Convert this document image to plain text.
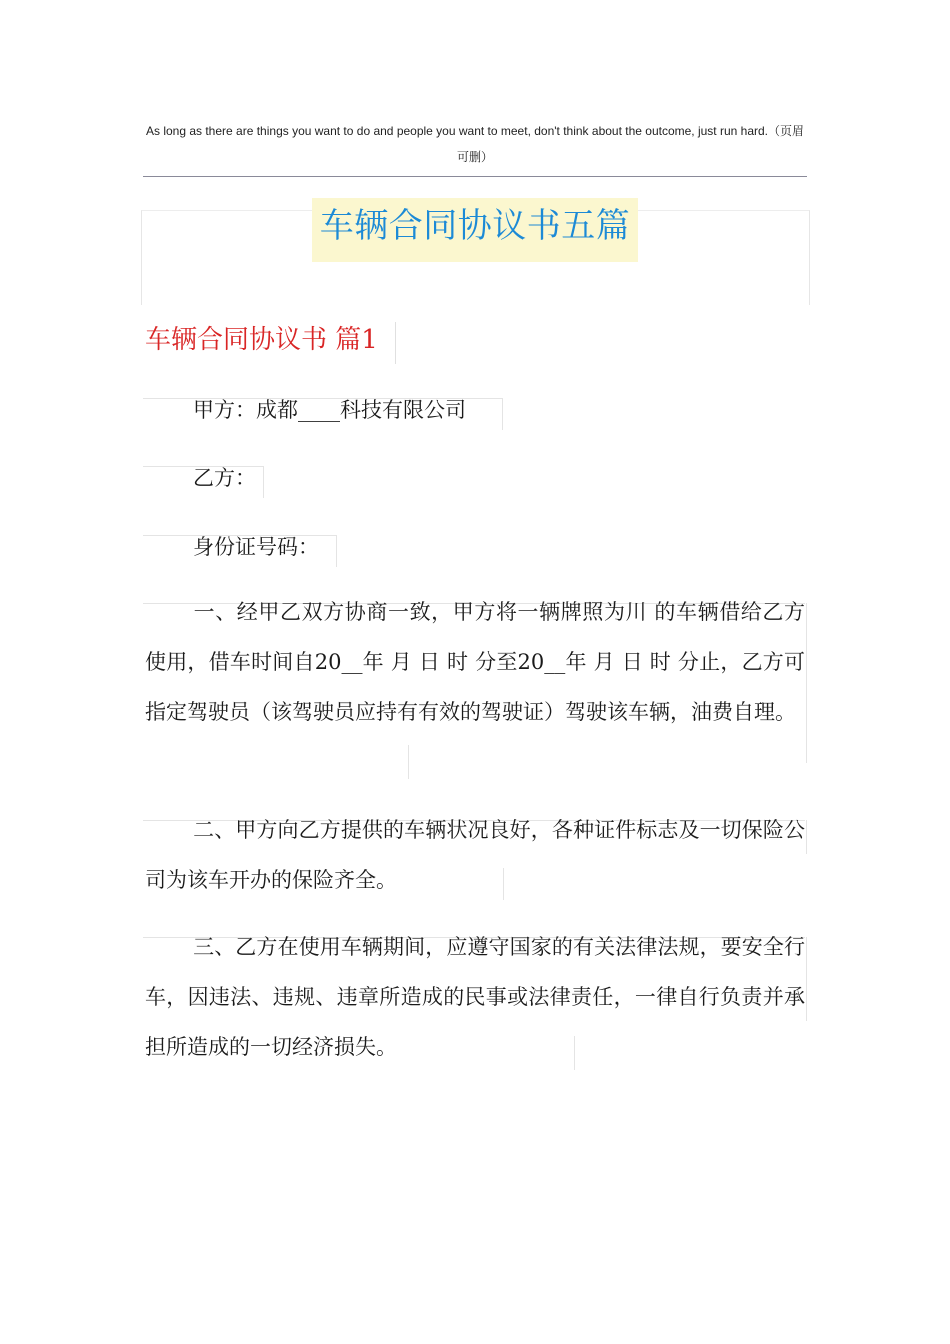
As long as there are things you want to do and people you want to meet, don't think about the outcome, just run hard.（页眉可删）
车辆合同协议书五篇
车辆合同协议书 篇1
甲方：成都____科技有限公司
乙方：
身份证号码：
一、经甲乙双方协商一致，甲方将一辆牌照为川 的车辆借给乙方使用，借车时间自20__年 月 日 时 分至20__年 月 日 时 分止，乙方可指定驾驶员（该驾驶员应持有有效的驾驶证）驾驶该车辆，油费自理。
二、甲方向乙方提供的车辆状况良好，各种证件标志及一切保险公司为该车开办的保险齐全。
三、乙方在使用车辆期间，应遵守国家的有关法律法规，要安全行车，因违法、违规、违章所造成的民事或法律责任，一律自行负责并承担所造成的一切经济损失。
